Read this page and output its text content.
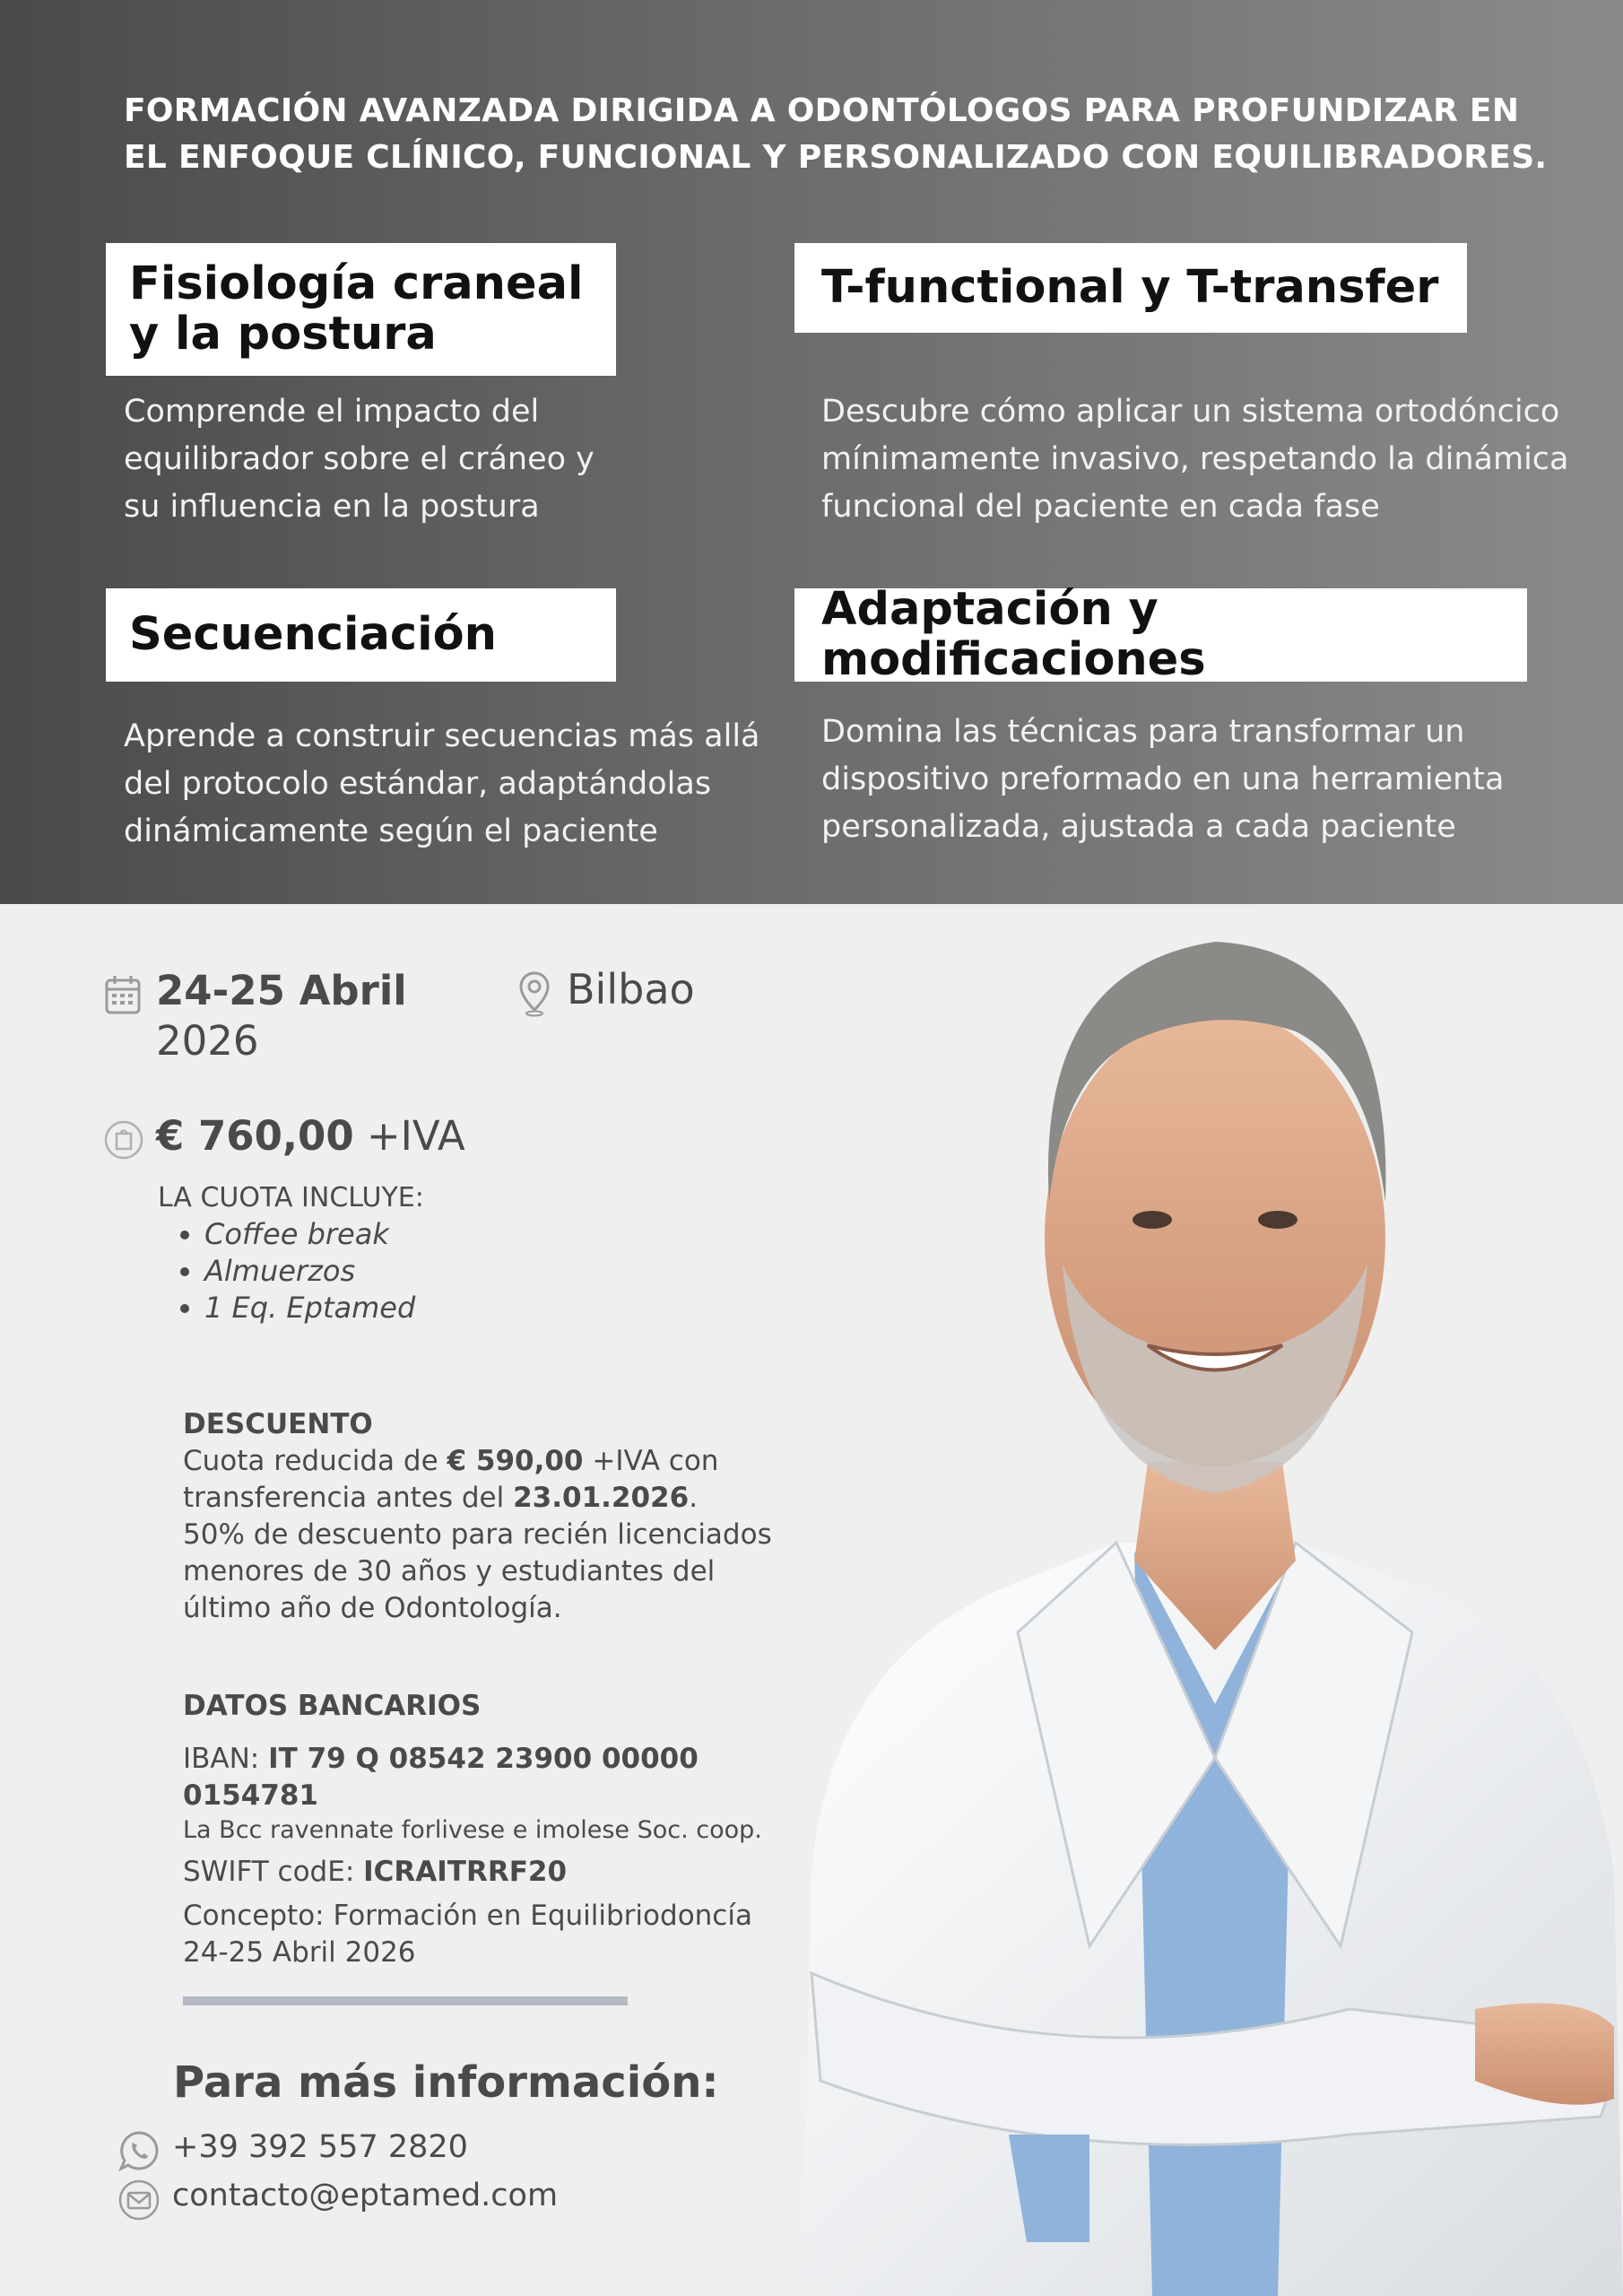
FORMACIÓN AVANZADA DIRIGIDA A ODONTÓLOGOS PARA PROFUNDIZAR EN
EL ENFOQUE CLÍNICO, FUNCIONAL Y PERSONALIZADO CON EQUILIBRADORES.
Fisiología craneal
y la postura
Comprende el impacto del
equilibrador sobre el cráneo y
su influencia en la postura
T-functional y T-transfer
Descubre cómo aplicar un sistema ortodóncico
mínimamente invasivo, respetando la dinámica
funcional del paciente en cada fase
Secuenciación
Aprende a construir secuencias más allá
del protocolo estándar, adaptándolas
dinámicamente según el paciente
Adaptación y modificaciones
Domina las técnicas para transformar un
dispositivo preformado en una herramienta
personalizada, ajustada a cada paciente
24-25 Abril
2026
Bilbao
€ 760,00 +IVA
LA CUOTA INCLUYE:
• Coffee break
• Almuerzos
• 1 Eq. Eptamed
DESCUENTO
Cuota reducida de € 590,00 +IVA con
transferencia antes del 23.01.2026.
50% de descuento para recién licenciados
menores de 30 años y estudiantes del
último año de Odontología.
DATOS BANCARIOS
IBAN: IT 79 Q 08542 23900 00000 0154781
La Bcc ravennate forlivese e imolese Soc. coop.
SWIFT codE: ICRAITRRF20
Concepto: Formación en Equilibriodoncía
24-25 Abril 2026
Para más información:
+39 392 557 2820
contacto@eptamed.com
